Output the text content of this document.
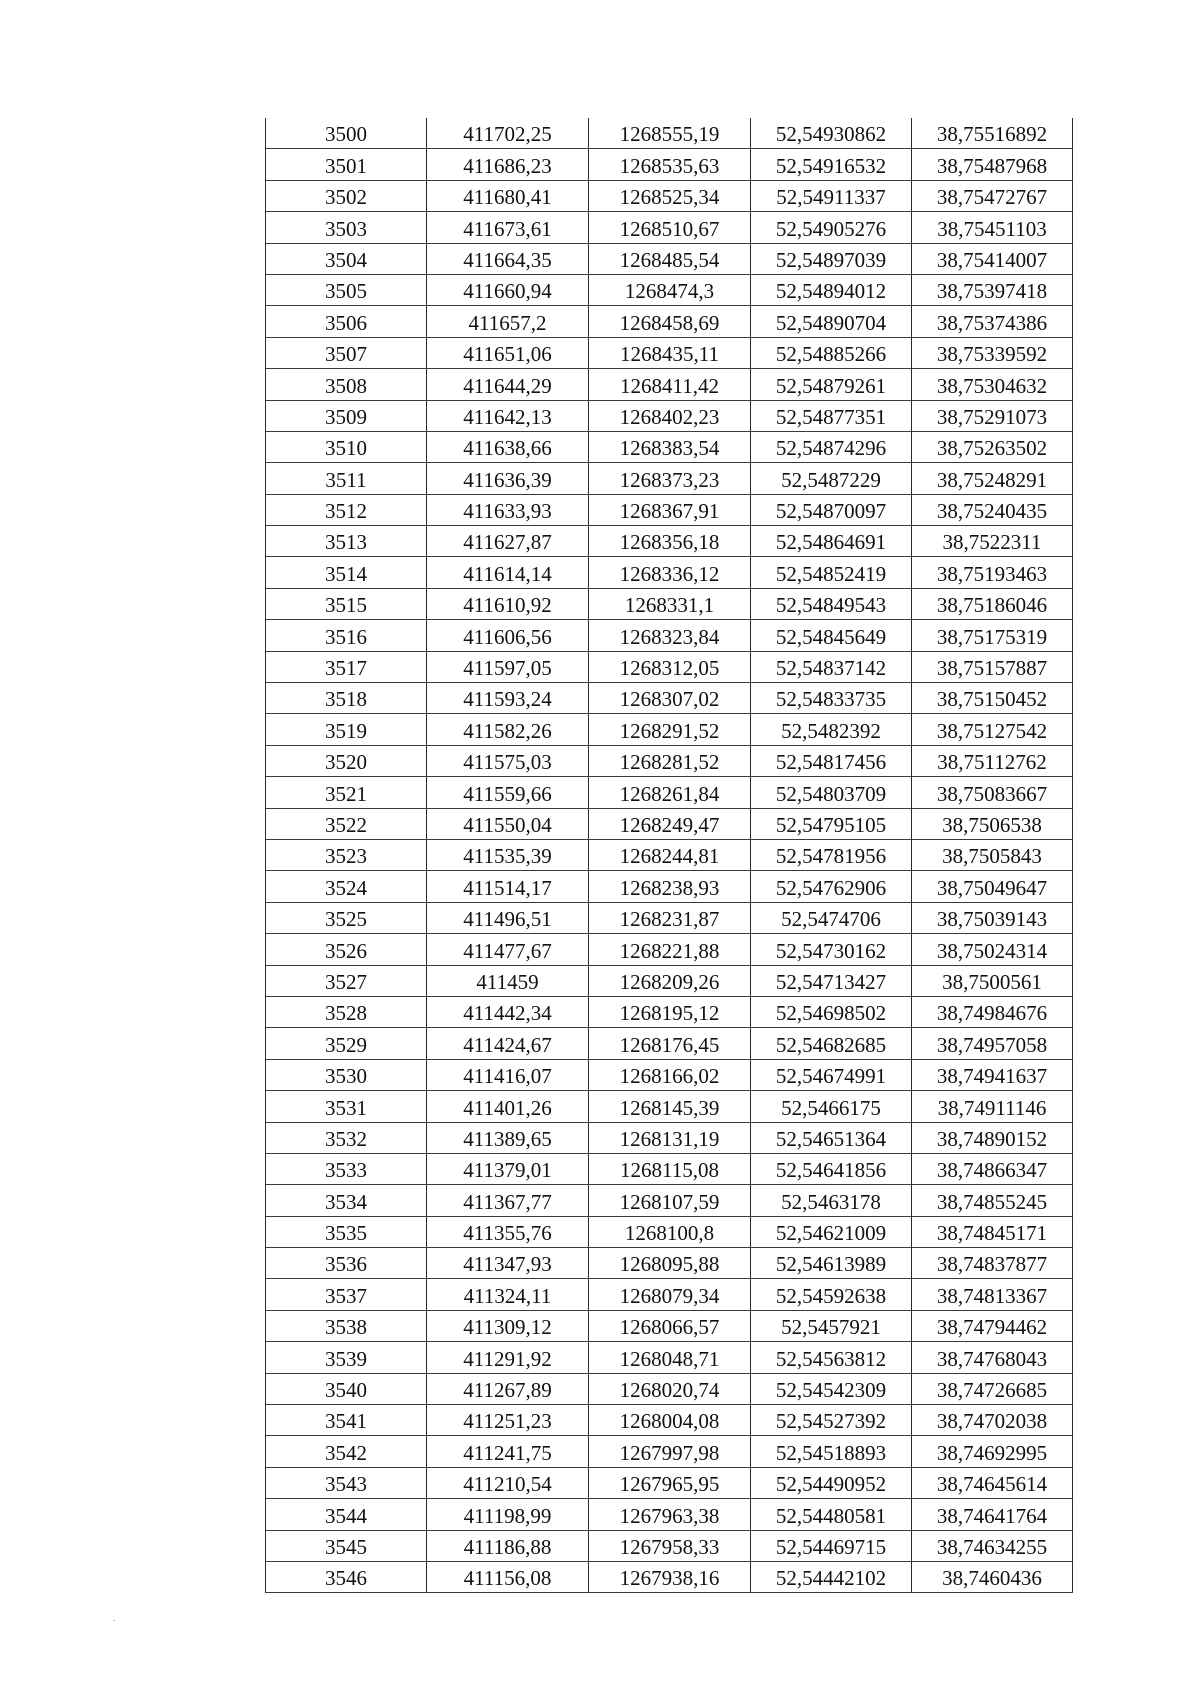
3500	411702,25	1268555,19	52,54930862	38,75516892
3501	411686,23	1268535,63	52,54916532	38,75487968
3502	411680,41	1268525,34	52,54911337	38,75472767
3503	411673,61	1268510,67	52,54905276	38,75451103
3504	411664,35	1268485,54	52,54897039	38,75414007
3505	411660,94	1268474,3	52,54894012	38,75397418
3506	411657,2	1268458,69	52,54890704	38,75374386
3507	411651,06	1268435,11	52,54885266	38,75339592
3508	411644,29	1268411,42	52,54879261	38,75304632
3509	411642,13	1268402,23	52,54877351	38,75291073
3510	411638,66	1268383,54	52,54874296	38,75263502
3511	411636,39	1268373,23	52,5487229	38,75248291
3512	411633,93	1268367,91	52,54870097	38,75240435
3513	411627,87	1268356,18	52,54864691	38,7522311
3514	411614,14	1268336,12	52,54852419	38,75193463
3515	411610,92	1268331,1	52,54849543	38,75186046
3516	411606,56	1268323,84	52,54845649	38,75175319
3517	411597,05	1268312,05	52,54837142	38,75157887
3518	411593,24	1268307,02	52,54833735	38,75150452
3519	411582,26	1268291,52	52,5482392	38,75127542
3520	411575,03	1268281,52	52,54817456	38,75112762
3521	411559,66	1268261,84	52,54803709	38,75083667
3522	411550,04	1268249,47	52,54795105	38,7506538
3523	411535,39	1268244,81	52,54781956	38,7505843
3524	411514,17	1268238,93	52,54762906	38,75049647
3525	411496,51	1268231,87	52,5474706	38,75039143
3526	411477,67	1268221,88	52,54730162	38,75024314
3527	411459	1268209,26	52,54713427	38,7500561
3528	411442,34	1268195,12	52,54698502	38,74984676
3529	411424,67	1268176,45	52,54682685	38,74957058
3530	411416,07	1268166,02	52,54674991	38,74941637
3531	411401,26	1268145,39	52,5466175	38,74911146
3532	411389,65	1268131,19	52,54651364	38,74890152
3533	411379,01	1268115,08	52,54641856	38,74866347
3534	411367,77	1268107,59	52,5463178	38,74855245
3535	411355,76	1268100,8	52,54621009	38,74845171
3536	411347,93	1268095,88	52,54613989	38,74837877
3537	411324,11	1268079,34	52,54592638	38,74813367
3538	411309,12	1268066,57	52,5457921	38,74794462
3539	411291,92	1268048,71	52,54563812	38,74768043
3540	411267,89	1268020,74	52,54542309	38,74726685
3541	411251,23	1268004,08	52,54527392	38,74702038
3542	411241,75	1267997,98	52,54518893	38,74692995
3543	411210,54	1267965,95	52,54490952	38,74645614
3544	411198,99	1267963,38	52,54480581	38,74641764
3545	411186,88	1267958,33	52,54469715	38,74634255
3546	411156,08	1267938,16	52,54442102	38,7460436
